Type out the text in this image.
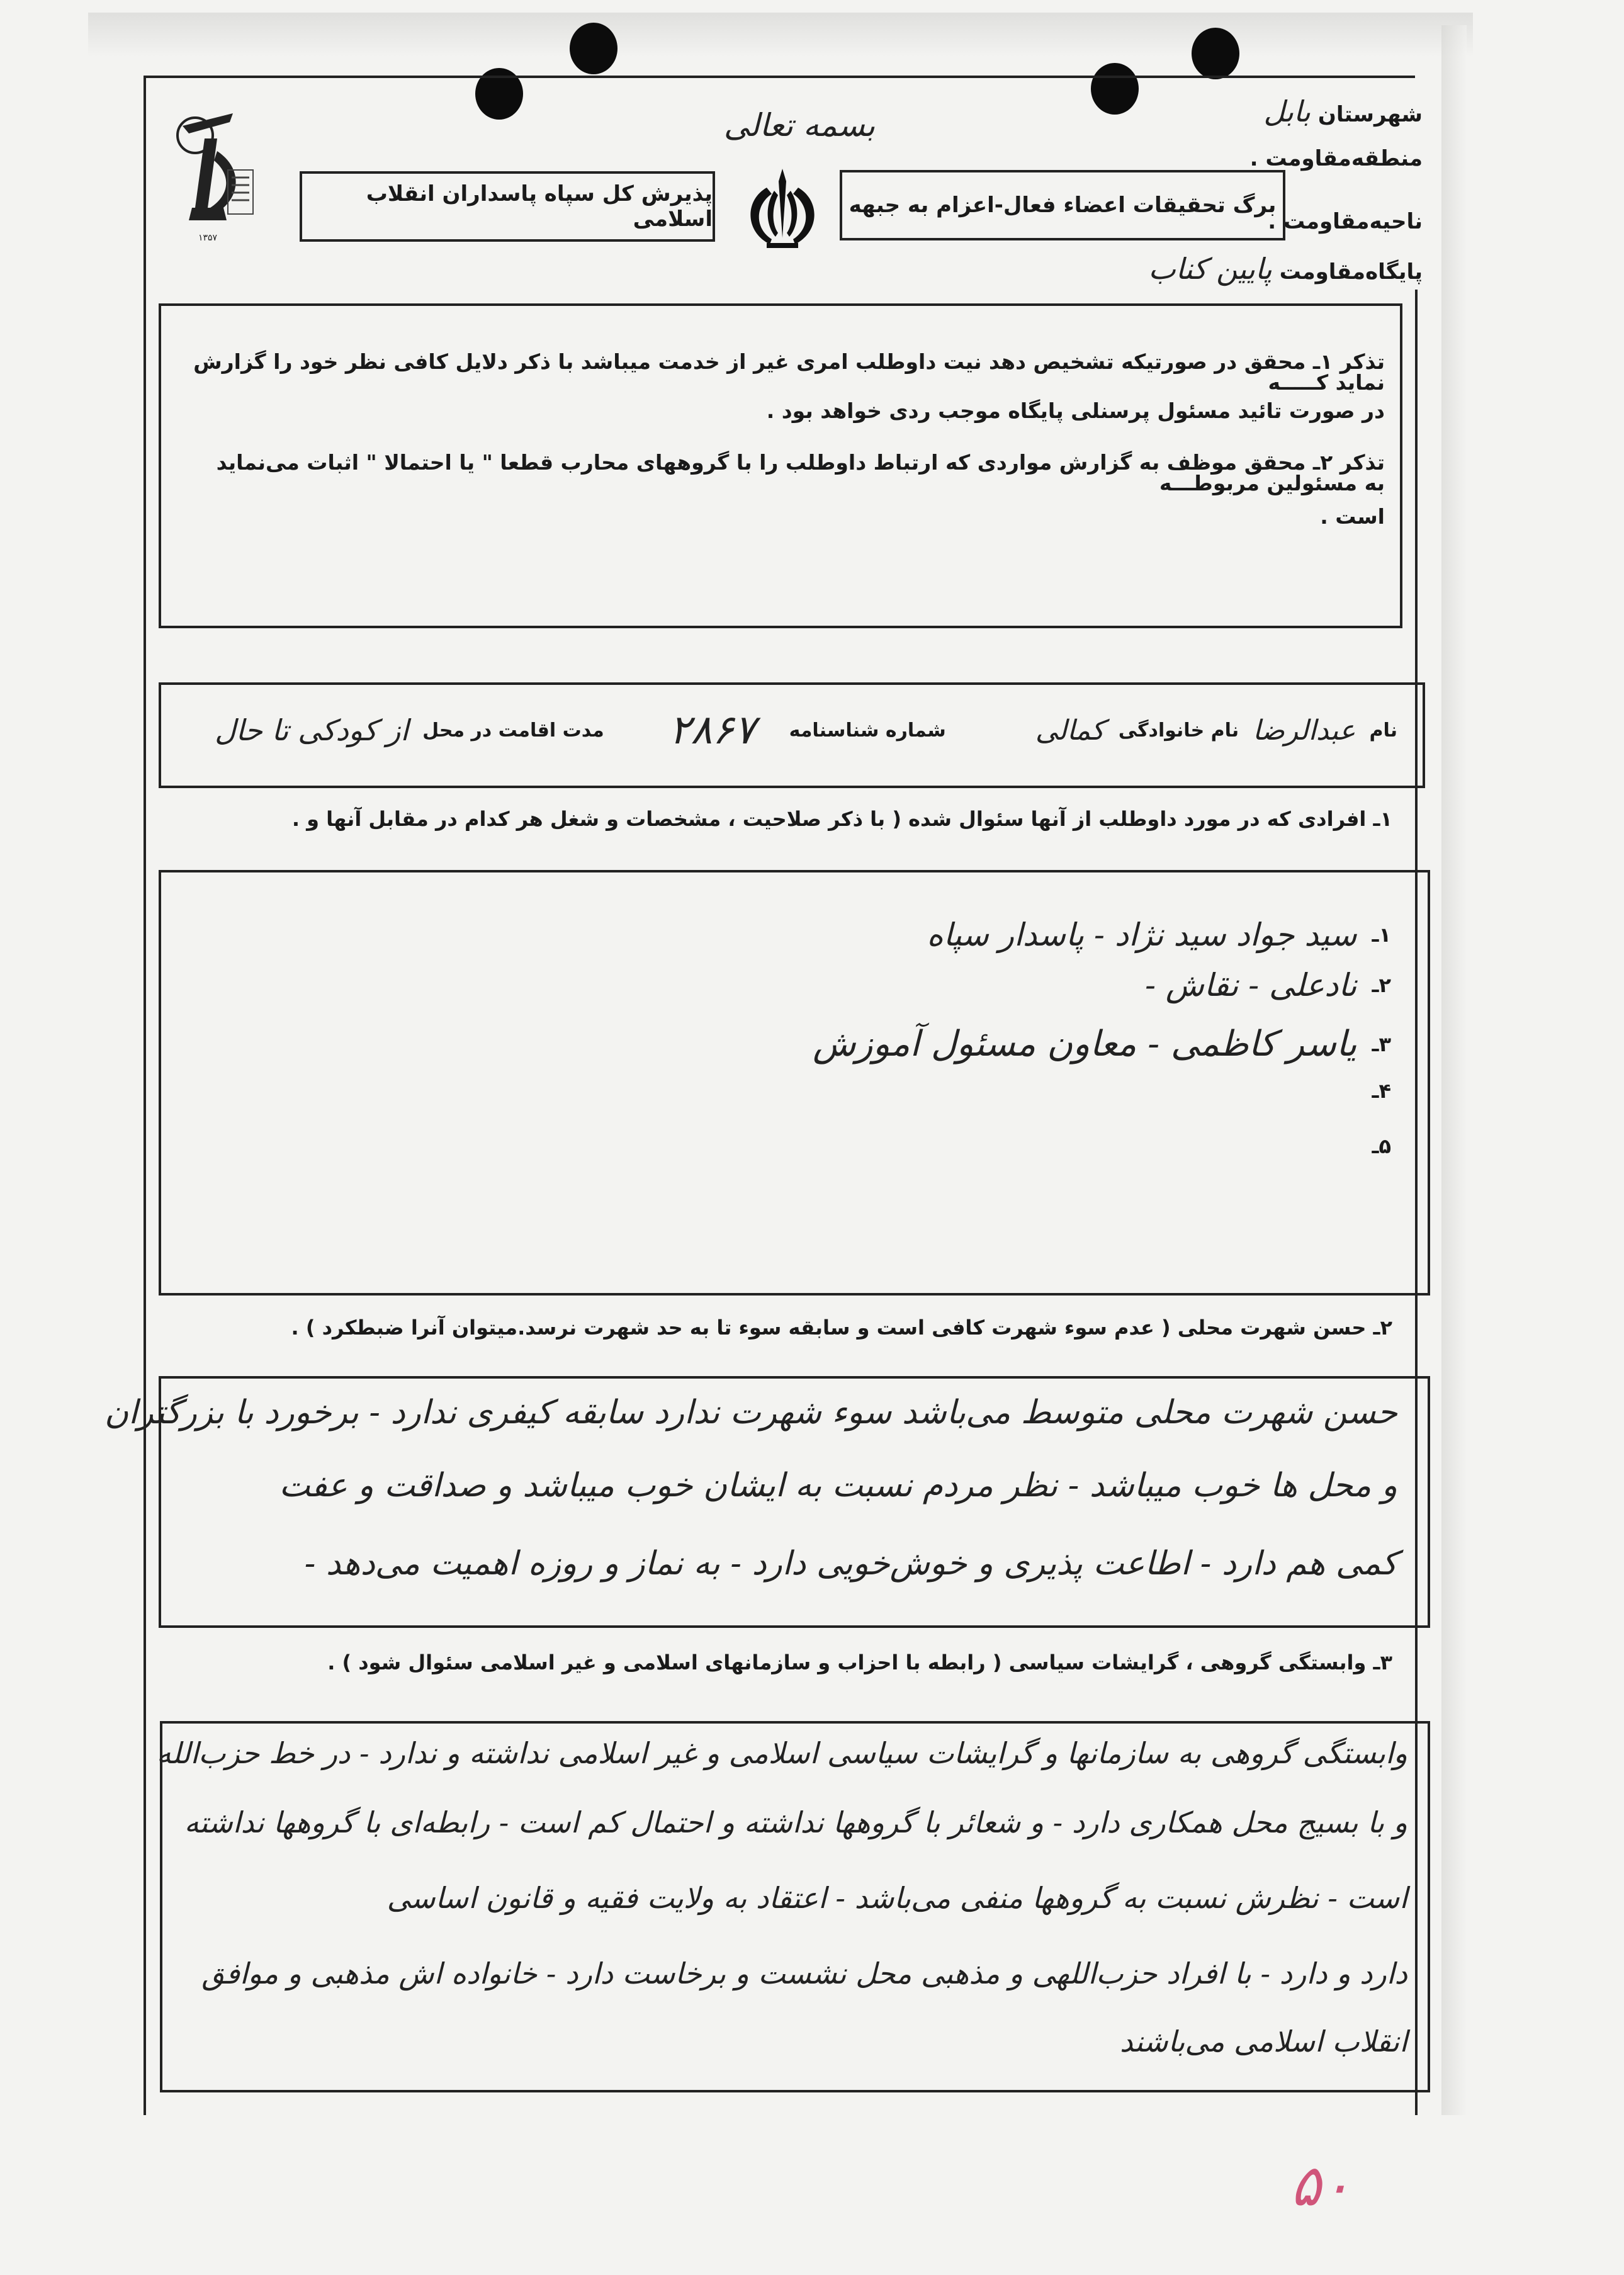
۱۳۵۷
بسمه تعالی
پذیرش کل سپاه پاسداران انقلاب اسلامی
برگ تحقیقات اعضاء فعال-اعزام به جبهه
شهرستان بابل
منطقه‌مقاومت .
ناحیه‌مقاومت .
پایگاه‌مقاومت پایین کناب
تذکر ۱ـ محقق در صورتیکه تشخیص دهد نیت داوطلب امری غیر از خدمت میباشد با ذکر دلایل کافی نظر خود را گزارش نماید کـــــه
در صورت تائید مسئول پرسنلی پایگاه موجب ردی خواهد بود .
تذکر ۲ـ محقق موظف به گزارش مواردی که ارتباط داوطلب را با گروههای محارب قطعا " یا احتمالا " اثبات می‌نماید به مسئولین مربوطـــه
است .
نام
عبدالرضا
نام خانوادگی
کمالی
شماره شناسنامه
۲۸۶۷
مدت اقامت در محل
از کودکی تا حال
۱ـ افرادی که در مورد داوطلب از آنها سئوال شده ( با ذکر صلاحیت ، مشخصات و شغل هر کدام در مقابل آنها و .
۱ـ
سید جواد سید نژاد - پاسدار سپاه
۲ـ
نادعلی - نقاش -
۳ـ
یاسر کاظمی - معاون مسئول آموزش
۴ـ
۵ـ
۲ـ حسن شهرت محلی ( عدم سوء شهرت کافی است و سابقه سوء تا به حد شهرت نرسد.میتوان آنرا ضبطکرد ) .
حسن شهرت محلی متوسط می‌باشد سوء شهرت ندارد سابقه کیفری ندارد - برخورد با بزرگتران
و محل ها خوب میباشد - نظر مردم نسبت به ایشان خوب میباشد و صداقت و عفت
کمی هم دارد - اطاعت پذیری و خوش‌خویی دارد - به نماز و روزه اهمیت می‌دهد -
۳ـ وابستگی گروهی ، گرایشات سیاسی ( رابطه با احزاب و سازمانهای اسلامی و غیر اسلامی سئوال شود ) .
وابستگی گروهی به سازمانها و گرایشات سیاسی اسلامی و غیر اسلامی نداشته و ندارد - در خط حزب‌الله
و با بسیج محل همکاری دارد - و شعائر با گروهها نداشته و احتمال کم است - رابطه‌ای با گروهها نداشته
است - نظرش نسبت به گروهها منفی می‌باشد - اعتقاد به ولایت فقیه و قانون اساسی
دارد و دارد - با افراد حزب‌اللهی و مذهبی محل نشست و برخاست دارد - خانواده اش مذهبی و موافق
انقلاب اسلامی می‌باشند
۵۰
